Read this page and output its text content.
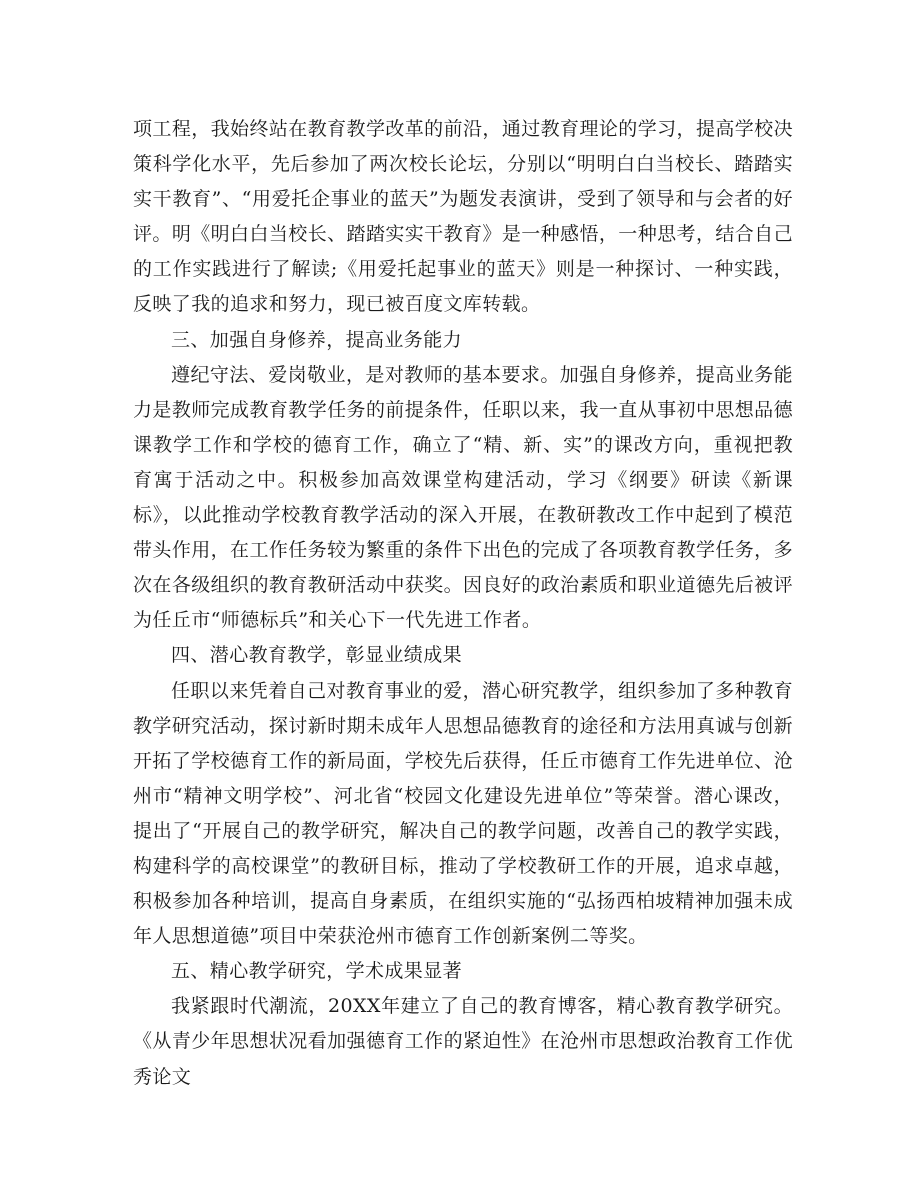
项工程，我始终站在教育教学改革的前沿，通过教育理论的学习，提高学校决策科学化水平，先后参加了两次校长论坛，分别以“明明白白当校长、踏踏实实干教育”、“用爱托企事业的蓝天”为题发表演讲，受到了领导和与会者的好评。明《明白白当校长、踏踏实实干教育》是一种感悟，一种思考，结合自己的工作实践进行了解读;《用爱托起事业的蓝天》则是一种探讨、一种实践，反映了我的追求和努力，现已被百度文库转载。

三、加强自身修养，提高业务能力

遵纪守法、爱岗敬业，是对教师的基本要求。加强自身修养，提高业务能力是教师完成教育教学任务的前提条件，任职以来，我一直从事初中思想品德课教学工作和学校的德育工作，确立了“精、新、实”的课改方向，重视把教育寓于活动之中。积极参加高效课堂构建活动，学习《纲要》研读《新课标》，以此推动学校教育教学活动的深入开展，在教研教改工作中起到了模范带头作用，在工作任务较为繁重的条件下出色的完成了各项教育教学任务，多次在各级组织的教育教研活动中获奖。因良好的政治素质和职业道德先后被评为任丘市“师德标兵”和关心下一代先进工作者。

四、潜心教育教学，彰显业绩成果

任职以来凭着自己对教育事业的爱，潜心研究教学，组织参加了多种教育教学研究活动，探讨新时期未成年人思想品德教育的途径和方法用真诚与创新开拓了学校德育工作的新局面，学校先后获得，任丘市德育工作先进单位、沧州市“精神文明学校”、河北省“校园文化建设先进单位”等荣誉。潜心课改，提出了“开展自己的教学研究，解决自己的教学问题，改善自己的教学实践，构建科学的高校课堂”的教研目标，推动了学校教研工作的开展，追求卓越，积极参加各种培训，提高自身素质，在组织实施的“弘扬西柏坡精神加强未成年人思想道德”项目中荣获沧州市德育工作创新案例二等奖。

五、精心教学研究，学术成果显著

我紧跟时代潮流，20XX年建立了自己的教育博客，精心教育教学研究。《从青少年思想状况看加强德育工作的紧迫性》在沧州市思想政治教育工作优秀论文
